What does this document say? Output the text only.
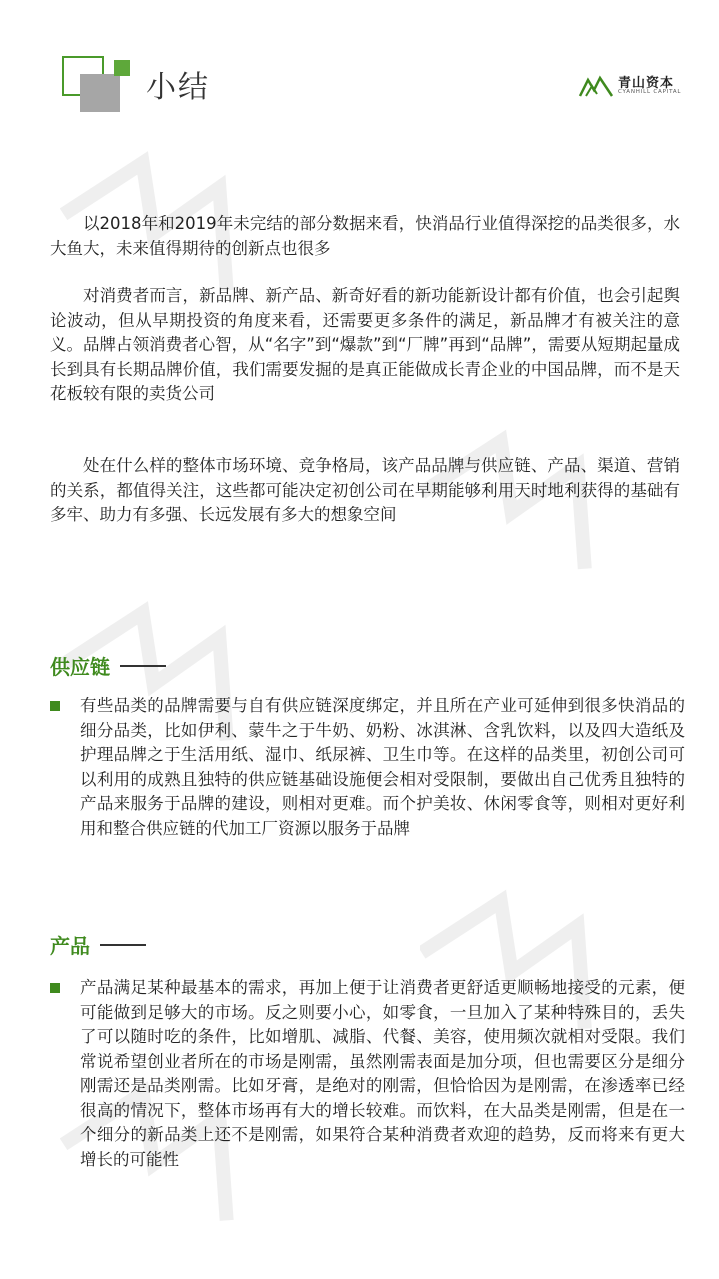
小结	青山资本
CYANHILL CAPITAL

以2018年和2019年未完结的部分数据来看，快消品行业值得深挖的品类很多，水大鱼大，未来值得期待的创新点也很多

对消费者而言，新品牌、新产品、新奇好看的新功能新设计都有价值，也会引起舆论波动，但从早期投资的角度来看，还需要更多条件的满足，新品牌才有被关注的意义。品牌占领消费者心智，从“名字”到“爆款”到“厂牌”再到“品牌”，需要从短期起量成长到具有长期品牌价值，我们需要发掘的是真正能做成长青企业的中国品牌，而不是天花板较有限的卖货公司

处在什么样的整体市场环境、竞争格局，该产品品牌与供应链、产品、渠道、营销的关系，都值得关注，这些都可能决定初创公司在早期能够利用天时地利获得的基础有多牢、助力有多强、长远发展有多大的想象空间

供应链

有些品类的品牌需要与自有供应链深度绑定，并且所在产业可延伸到很多快消品的细分品类，比如伊利、蒙牛之于牛奶、奶粉、冰淇淋、含乳饮料，以及四大造纸及护理品牌之于生活用纸、湿巾、纸尿裤、卫生巾等。在这样的品类里，初创公司可以利用的成熟且独特的供应链基础设施便会相对受限制，要做出自己优秀且独特的产品来服务于品牌的建设，则相对更难。而个护美妆、休闲零食等，则相对更好利用和整合供应链的代加工厂资源以服务于品牌

产品

产品满足某种最基本的需求，再加上便于让消费者更舒适更顺畅地接受的元素，便可能做到足够大的市场。反之则要小心，如零食，一旦加入了某种特殊目的，丢失了可以随时吃的条件，比如增肌、减脂、代餐、美容，使用频次就相对受限。我们常说希望创业者所在的市场是刚需，虽然刚需表面是加分项，但也需要区分是细分刚需还是品类刚需。比如牙膏，是绝对的刚需，但恰恰因为是刚需，在渗透率已经很高的情况下，整体市场再有大的增长较难。而饮料，在大品类是刚需，但是在一个细分的新品类上还不是刚需，如果符合某种消费者欢迎的趋势，反而将来有更大增长的可能性
